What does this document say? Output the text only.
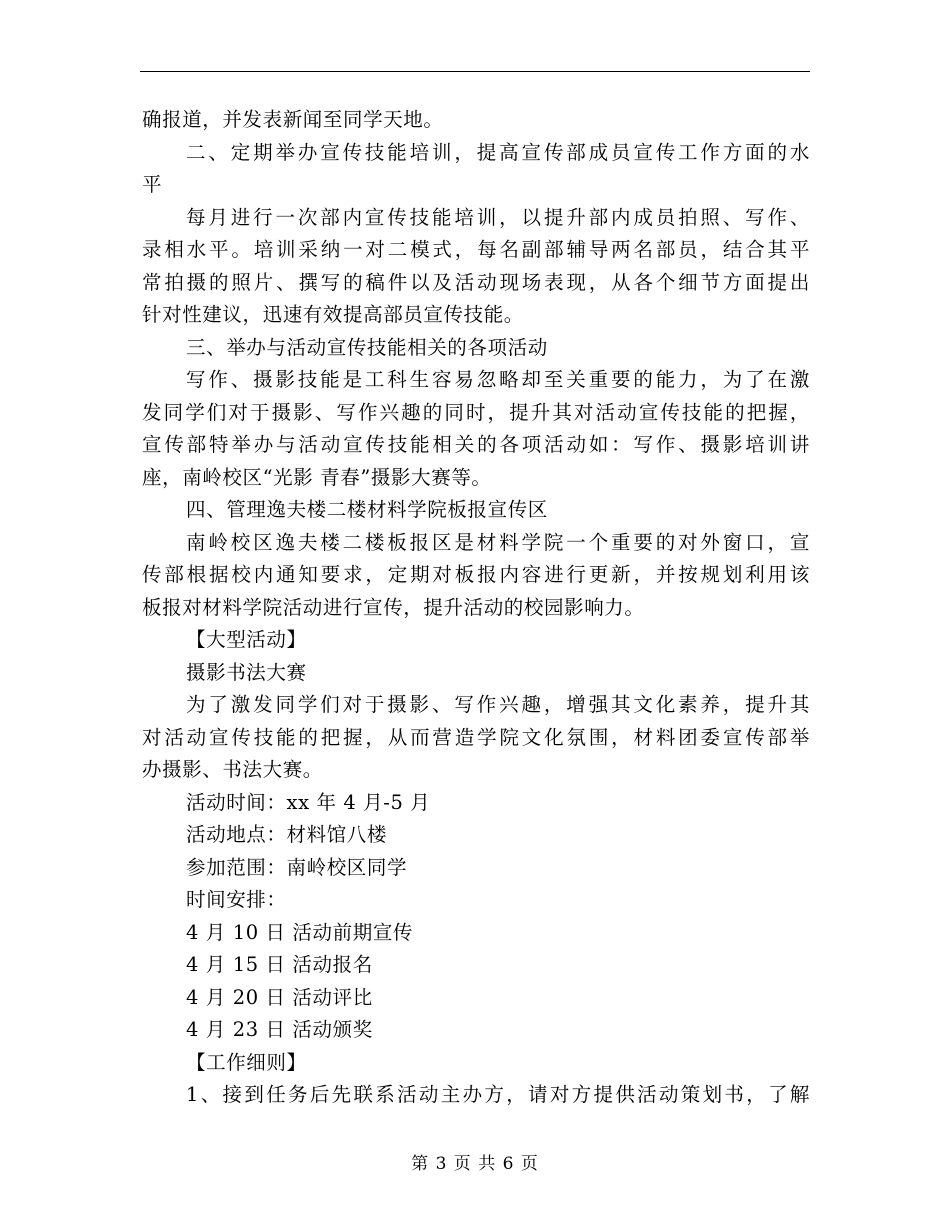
确报道，并发表新闻至同学天地。
二、定期举办宣传技能培训，提高宣传部成员宣传工作方面的水
平
每月进行一次部内宣传技能培训，以提升部内成员拍照、写作、
录相水平。培训采纳一对二模式，每名副部辅导两名部员，结合其平
常拍摄的照片、撰写的稿件以及活动现场表现，从各个细节方面提出
针对性建议，迅速有效提高部员宣传技能。
三、举办与活动宣传技能相关的各项活动
写作、摄影技能是工科生容易忽略却至关重要的能力，为了在激
发同学们对于摄影、写作兴趣的同时，提升其对活动宣传技能的把握，
宣传部特举办与活动宣传技能相关的各项活动如：写作、摄影培训讲
座，南岭校区“光影 青春”摄影大赛等。
四、管理逸夫楼二楼材料学院板报宣传区
南岭校区逸夫楼二楼板报区是材料学院一个重要的对外窗口，宣
传部根据校内通知要求，定期对板报内容进行更新，并按规划利用该
板报对材料学院活动进行宣传，提升活动的校园影响力。
【大型活动】
摄影书法大赛
为了激发同学们对于摄影、写作兴趣，增强其文化素养，提升其
对活动宣传技能的把握，从而营造学院文化氛围，材料团委宣传部举
办摄影、书法大赛。
活动时间：xx 年 4 月-5 月
活动地点：材料馆八楼
参加范围：南岭校区同学
时间安排：
4 月 10 日 活动前期宣传
4 月 15 日 活动报名
4 月 20 日 活动评比
4 月 23 日 活动颁奖
【工作细则】
1、接到任务后先联系活动主办方，请对方提供活动策划书，了解
第 3 页 共 6 页
